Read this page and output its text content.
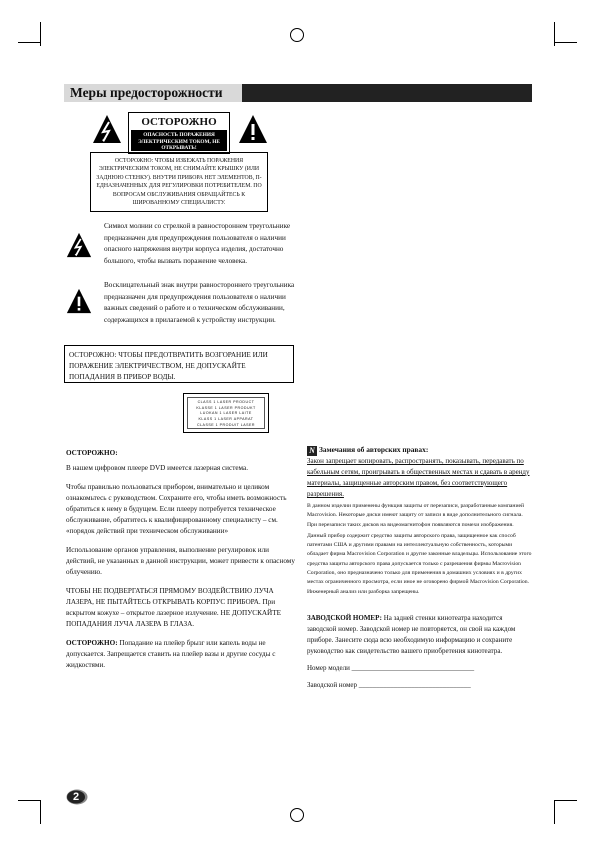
Меры предосторожности
ОСТОРОЖНО
ОПАСНОСТЬ ПОРАЖЕНИЯ ЭЛЕКТРИЧЕСКИМ ТОКОМ, НЕ ОТКРЫВАТЬ!
ОСТОРОЖНО: ЧТОБЫ ИЗБЕЖАТЬ ПОРАЖЕНИЯ ЭЛЕКТРИЧЕСКИМ ТОКОМ, НЕ СНИМАЙТЕ КРЫШКУ (ИЛИ ЗАДНЮЮ СТЕНКУ). ВНУТРИ ПРИБОРА НЕТ ЭЛЕМЕНТОВ, П-ЕДНАЗНАЧЕННЫХ ДЛЯ РЕГУЛИРОВКИ ПОТРЕБИТЕЛЕМ. ПО ВОПРОСАМ ОБСЛУЖИВАНИЯ ОБРАЩАЙТЕСЬ К ШИРОВАННОМУ СПЕЦИАЛИСТУ.
Символ молнии со стрелкой в равностороннем треугольнике предназначен для предупреждения пользователя о наличии опасного напряжения внутри корпуса изделия, достаточно большого, чтобы вызвать поражение человека.
Восклицательный знак внутри равностороннего треугольника предназначен для предупреждения пользователя о наличии важных сведений о работе и о техническом обслуживании, содержащихся в прилагаемой к устройству инструкции.
ОСТОРОЖНО: ЧТОБЫ ПРЕДОТВРАТИТЬ ВОЗГОРАНИЕ ИЛИ ПОРАЖЕНИЕ ЭЛЕКТРИЧЕСТВОМ, НЕ ДОПУСКАЙТЕ ПОПАДАНИЯ В ПРИБОР ВОДЫ.
CLASS 1 LASER PRODUCT
KLASSE 1 LASER PRODUKT
LUOKAN 1 LASER LAITE
KLASS 1 LASER APPARAT
CLASSE 1 PRODUIT LASER

ОСТОРОЖНО:

В нашем цифровом плеере DVD имеется лазерная система.

Чтобы правильно пользоваться прибором, внимательно и целиком ознакомьтесь с руководством. Сохраните его, чтобы иметь возможность обратиться к нему в будущем. Если плееру потребуется техническое обслуживание, обратитесь к квалифицированному специалисту – см. «порядок действий при техническом обслуживании»

Использование органов управления, выполнение регулировок или действий, не указанных в данной инструкции, может привести к опасному облучению.

ЧТОБЫ НЕ ПОДВЕРГАТЬСЯ ПРЯМОМУ ВОЗДЕЙСТВИЮ ЛУЧА ЛАЗЕРА, НЕ ПЫТАЙТЕСЬ ОТКРЫВАТЬ КОРПУС ПРИБОРА. При вскрытом кожухе – открытое лазерное излучение. НЕ ДОПУСКАЙТЕ ПОПАДАНИЯ ЛУЧА ЛАЗЕРА В ГЛАЗА.

ОСТОРОЖНО: Попадание на плейер брызг или капель воды не допускается. Запрещается ставить на плейер вазы и другие сосуды с жидкостями.

N Замечания об авторских правах:

Закон запрещает копировать, распространять, показывать, передавать по кабельным сетям, проигрывать в общественных местах и сдавать в аренду материалы, защищенные авторским правом, без соответствующего разрешения.

В данном изделии применены функция защиты от перезаписи, разработанные компанией Macrovision. Некоторые диски имеют защиту от записи в виде дополнительного сигнала. При перезаписи таких дисков на видеомагнитофон появляются помехи изображения.
Данный прибор содержит средство защиты авторского права, защищенное как способ патентами США и другими правами на интеллектуальную собственность, которыми обладает фирма Macrovision Corporation и другие законные владельцы. Использование этого средства защиты авторского права допускается только с разрешения фирмы Macrovision Corporation, оно предназначено только для применения в домашних условиях и в других местах ограниченного просмотра, если иное не оговорено фирмой Macrovision Corporation. Инженерный анализ или разборка запрещены.
ЗАВОДСКОЙ НОМЕР: На задней стенки кинотеатра находится заводской номер. Заводской номер не повторяется, он свой на каждом приборе. Занесите сюда всю необходимую информацию и сохраните руководство как свидетельство вашего приобретения кинотеатра.
Номер модели ___________________________________
Заводской номер ________________________________
2
